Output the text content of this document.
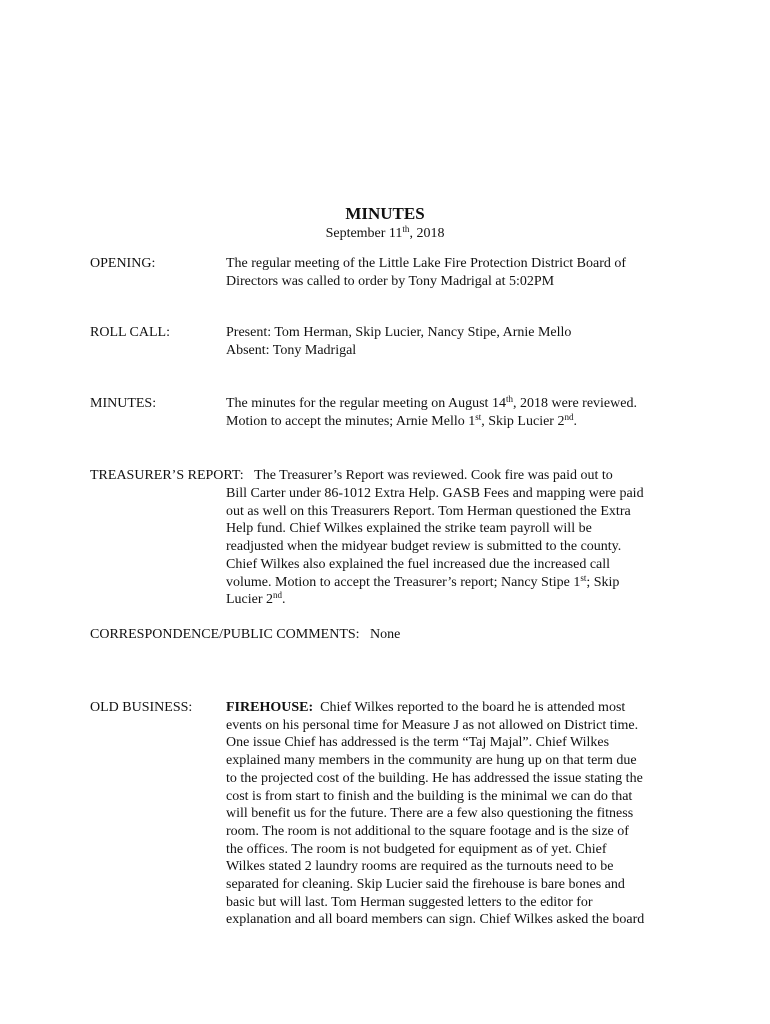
MINUTES
September 11th, 2018
OPENING:	The regular meeting of the Little Lake Fire Protection District Board of
Directors was called to order by Tony Madrigal at 5:02PM
ROLL CALL:	Present: Tom Herman, Skip Lucier, Nancy Stipe, Arnie Mello
Absent: Tony Madrigal
MINUTES:	The minutes for the regular meeting on August 14th, 2018 were reviewed.
Motion to accept the minutes; Arnie Mello 1st, Skip Lucier 2nd.
TREASURER’S REPORT: The Treasurer’s Report was reviewed. Cook fire was paid out to
Bill Carter under 86-1012 Extra Help. GASB Fees and mapping were paid
out as well on this Treasurers Report. Tom Herman questioned the Extra
Help fund. Chief Wilkes explained the strike team payroll will be
readjusted when the midyear budget review is submitted to the county.
Chief Wilkes also explained the fuel increased due the increased call
volume. Motion to accept the Treasurer’s report; Nancy Stipe 1st; Skip
Lucier 2nd.
CORRESPONDENCE/PUBLIC COMMENTS: None
OLD BUSINESS: FIREHOUSE: Chief Wilkes reported to the board he is attended most
events on his personal time for Measure J as not allowed on District time.
One issue Chief has addressed is the term “Taj Majal”. Chief Wilkes
explained many members in the community are hung up on that term due
to the projected cost of the building. He has addressed the issue stating the
cost is from start to finish and the building is the minimal we can do that
will benefit us for the future. There are a few also questioning the fitness
room. The room is not additional to the square footage and is the size of
the offices. The room is not budgeted for equipment as of yet. Chief
Wilkes stated 2 laundry rooms are required as the turnouts need to be
separated for cleaning. Skip Lucier said the firehouse is bare bones and
basic but will last. Tom Herman suggested letters to the editor for
explanation and all board members can sign. Chief Wilkes asked the board
